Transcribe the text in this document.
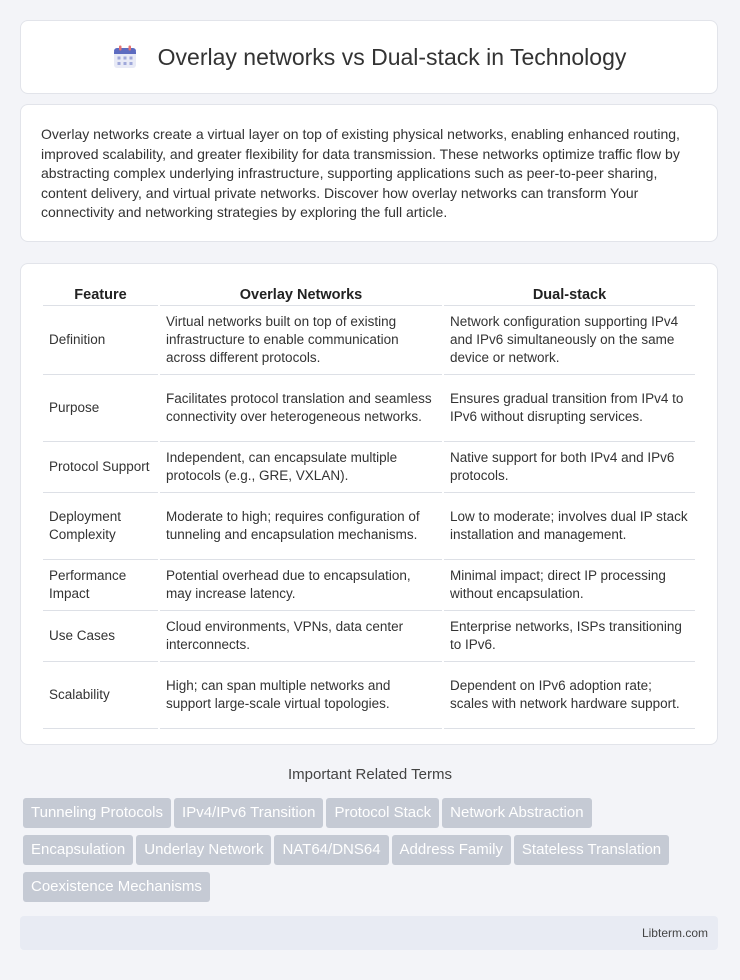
Overlay networks vs Dual-stack in Technology

Overlay networks create a virtual layer on top of existing physical networks, enabling enhanced routing, improved scalability, and greater flexibility for data transmission. These networks optimize traffic flow by abstracting complex underlying infrastructure, supporting applications such as peer-to-peer sharing, content delivery, and virtual private networks. Discover how overlay networks can transform Your connectivity and networking strategies by exploring the full article.

Feature	Overlay Networks	Dual-stack
Definition	Virtual networks built on top of existing infrastructure to enable communication across different protocols.	Network configuration supporting IPv4 and IPv6 simultaneously on the same device or network.
Purpose	Facilitates protocol translation and seamless connectivity over heterogeneous networks.	Ensures gradual transition from IPv4 to IPv6 without disrupting services.
Protocol Support	Independent, can encapsulate multiple protocols (e.g., GRE, VXLAN).	Native support for both IPv4 and IPv6 protocols.
Deployment Complexity	Moderate to high; requires configuration of tunneling and encapsulation mechanisms.	Low to moderate; involves dual IP stack installation and management.
Performance Impact	Potential overhead due to encapsulation, may increase latency.	Minimal impact; direct IP processing without encapsulation.
Use Cases	Cloud environments, VPNs, data center interconnects.	Enterprise networks, ISPs transitioning to IPv6.
Scalability	High; can span multiple networks and support large-scale virtual topologies.	Dependent on IPv6 adoption rate; scales with network hardware support.
Important Related Terms
Tunneling Protocols IPv4/IPv6 Transition Protocol Stack Network Abstraction
Encapsulation Underlay Network NAT64/DNS64 Address Family Stateless Translation
Coexistence Mechanisms
Libterm.com
